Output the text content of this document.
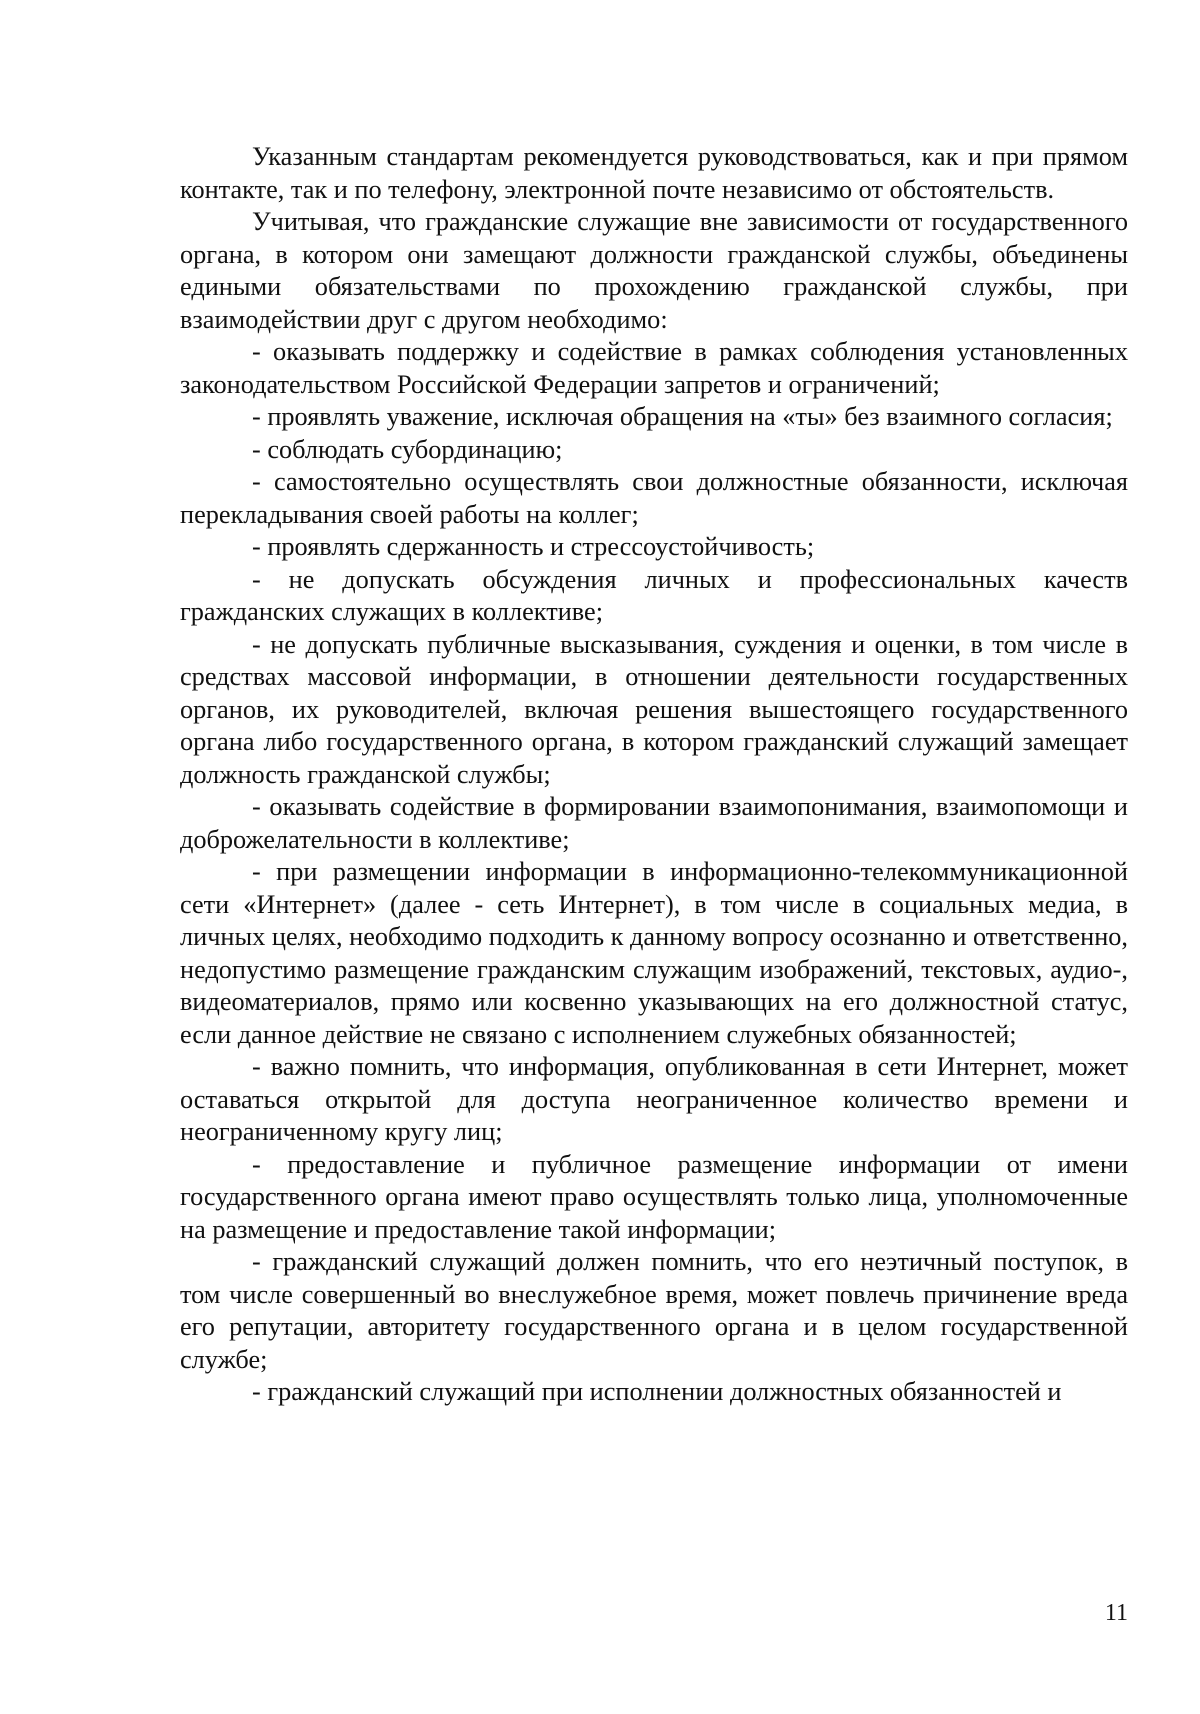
Указанным стандартам рекомендуется руководствоваться, как и при прямом контакте, так и по телефону, электронной почте независимо от обстоятельств.

Учитывая, что гражданские служащие вне зависимости от государственного органа, в котором они замещают должности гражданской службы, объединены едиными обязательствами по прохождению гражданской службы, при взаимодействии друг с другом необходимо:

- оказывать поддержку и содействие в рамках соблюдения установленных законодательством Российской Федерации запретов и ограничений;

- проявлять уважение, исключая обращения на «ты» без взаимного согласия;

- соблюдать субординацию;

- самостоятельно осуществлять свои должностные обязанности, исключая перекладывания своей работы на коллег;

- проявлять сдержанность и стрессоустойчивость;

- не допускать обсуждения личных и профессиональных качеств гражданских служащих в коллективе;

- не допускать публичные высказывания, суждения и оценки, в том числе в средствах массовой информации, в отношении деятельности государственных органов, их руководителей, включая решения вышестоящего государственного органа либо государственного органа, в котором гражданский служащий замещает должность гражданской службы;

- оказывать содействие в формировании взаимопонимания, взаимопомощи и доброжелательности в коллективе;

- при размещении информации в информационно-телекоммуникационной сети «Интернет» (далее - сеть Интернет), в том числе в социальных медиа, в личных целях, необходимо подходить к данному вопросу осознанно и ответственно, недопустимо размещение гражданским служащим изображений, текстовых, аудио-, видеоматериалов, прямо или косвенно указывающих на его должностной статус, если данное действие не связано с исполнением служебных обязанностей;

- важно помнить, что информация, опубликованная в сети Интернет, может оставаться открытой для доступа неограниченное количество времени и неограниченному кругу лиц;

- предоставление и публичное размещение информации от имени государственного органа имеют право осуществлять только лица, уполномоченные на размещение и предоставление такой информации;

- гражданский служащий должен помнить, что его неэтичный поступок, в том числе совершенный во внеслужебное время, может повлечь причинение вреда его репутации, авторитету государственного органа и в целом государственной службе;

- гражданский служащий при исполнении должностных обязанностей и

11
